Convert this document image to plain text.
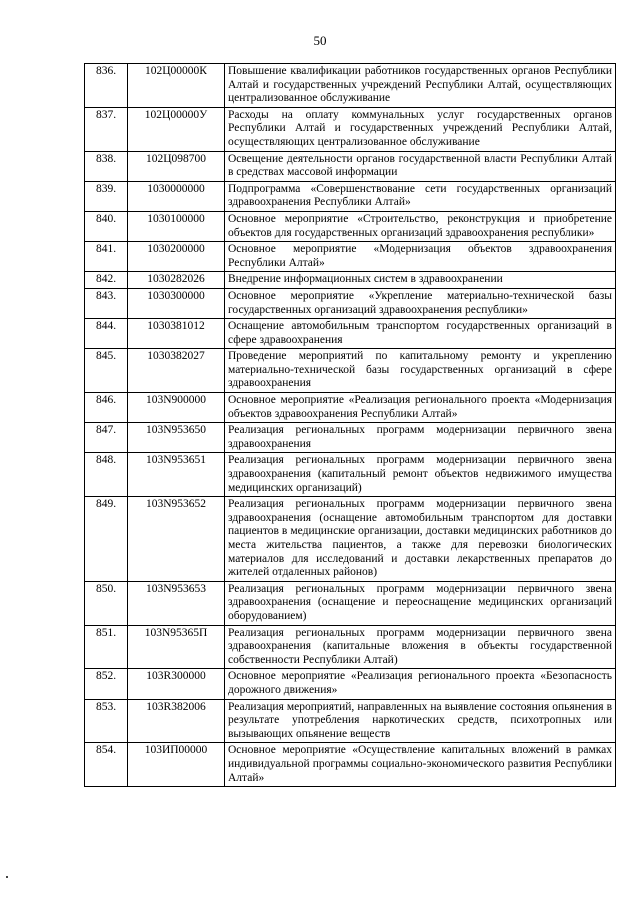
50
836.	102Ц00000К	Повышение квалификации работников государственных органов Республики Алтай и государственных учреждений Республики Алтай, осуществляющих централизованное обслуживание
837.	102Ц00000У	Расходы на оплату коммунальных услуг государственных органов Республики Алтай и государственных учреждений Республики Алтай, осуществляющих централизованное обслуживание
838.	102Ц098700	Освещение деятельности органов государственной власти Республики Алтай в средствах массовой информации
839.	1030000000	Подпрограмма «Совершенствование сети государственных организаций здравоохранения Республики Алтай»
840.	1030100000	Основное мероприятие «Строительство, реконструкция и приобретение объектов для государственных организаций здравоохранения республики»
841.	1030200000	Основное мероприятие «Модернизация объектов здравоохранения Республики Алтай»
842.	1030282026	Внедрение информационных систем в здравоохранении
843.	1030300000	Основное мероприятие «Укрепление материально-технической базы государственных организаций здравоохранения республики»
844.	1030381012	Оснащение автомобильным транспортом государственных организаций в сфере здравоохранения
845.	1030382027	Проведение мероприятий по капитальному ремонту и укреплению материально-технической базы государственных организаций в сфере здравоохранения
846.	103N900000	Основное мероприятие «Реализация регионального проекта «Модернизация объектов здравоохранения Республики Алтай»
847.	103N953650	Реализация региональных программ модернизации первичного звена здравоохранения
848.	103N953651	Реализация региональных программ модернизации первичного звена здравоохранения (капитальный ремонт объектов недвижимого имущества медицинских организаций)
849.	103N953652	Реализация региональных программ модернизации первичного звена здравоохранения (оснащение автомобильным транспортом для доставки пациентов в медицинские организации, доставки медицинских работников до места жительства пациентов, а также для перевозки биологических материалов для исследований и доставки лекарственных препаратов до жителей отдаленных районов)
850.	103N953653	Реализация региональных программ модернизации первичного звена здравоохранения (оснащение и переоснащение медицинских организаций оборудованием)
851.	103N95365П	Реализация региональных программ модернизации первичного звена здравоохранения (капитальные вложения в объекты государственной собственности Республики Алтай)
852.	103R300000	Основное мероприятие «Реализация регионального проекта «Безопасность дорожного движения»
853.	103R382006	Реализация мероприятий, направленных на выявление состояния опьянения в результате употребления наркотических средств, психотропных или вызывающих опьянение веществ
854.	103ИП00000	Основное мероприятие «Осуществление капитальных вложений в рамках индивидуальной программы социально-экономического развития Республики Алтай»
